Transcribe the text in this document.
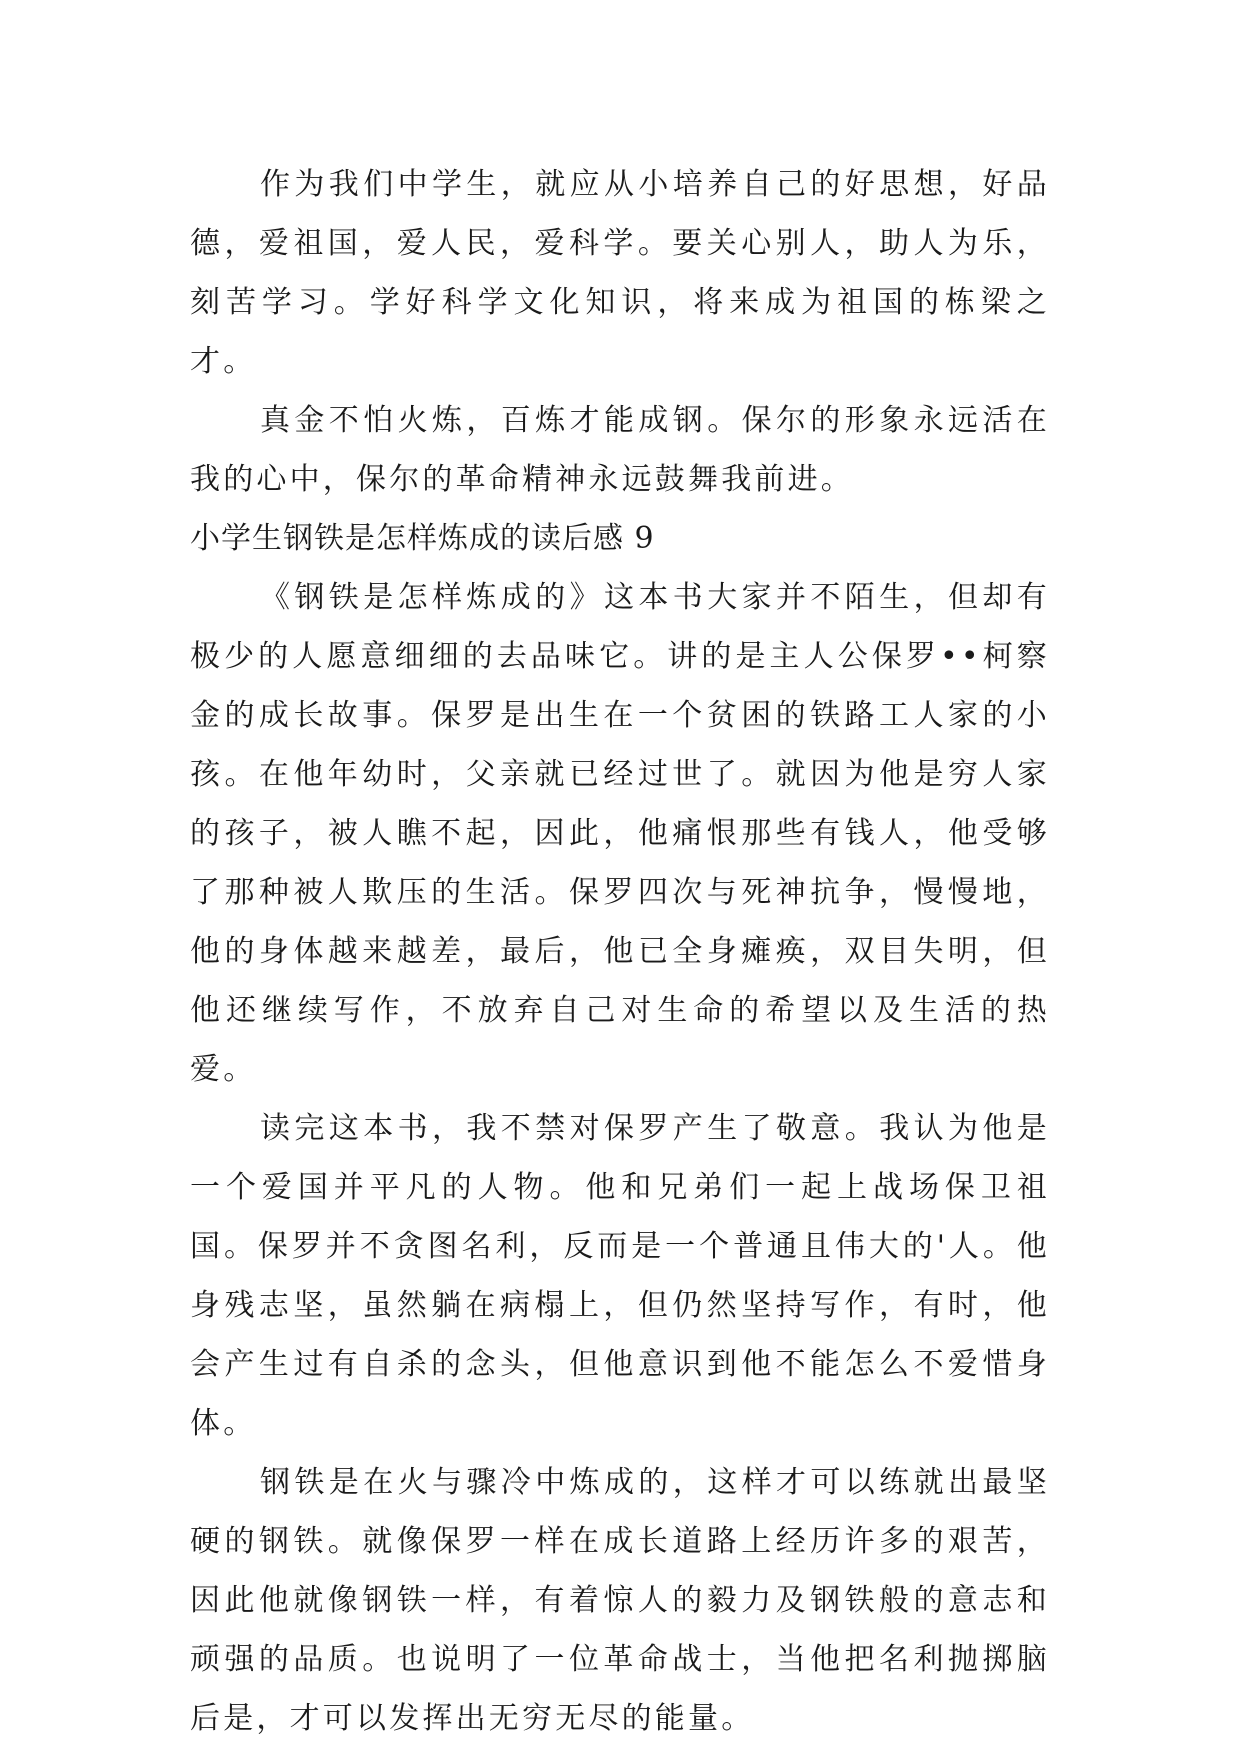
作为我们中学生，就应从小培养自己的好思想，好品德，爱祖国，爱人民，爱科学。要关心别人，助人为乐，刻苦学习。学好科学文化知识，将来成为祖国的栋梁之才。

真金不怕火炼，百炼才能成钢。保尔的形象永远活在我的心中，保尔的革命精神永远鼓舞我前进。

小学生钢铁是怎样炼成的读后感 9

《钢铁是怎样炼成的》这本书大家并不陌生，但却有极少的人愿意细细的去品味它。讲的是主人公保罗••柯察金的成长故事。保罗是出生在一个贫困的铁路工人家的小孩。在他年幼时，父亲就已经过世了。就因为他是穷人家的孩子，被人瞧不起，因此，他痛恨那些有钱人，他受够了那种被人欺压的生活。保罗四次与死神抗争，慢慢地，他的身体越来越差，最后，他已全身瘫痪，双目失明，但他还继续写作，不放弃自己对生命的希望以及生活的热爱。

读完这本书，我不禁对保罗产生了敬意。我认为他是一个爱国并平凡的人物。他和兄弟们一起上战场保卫祖国。保罗并不贪图名利，反而是一个普通且伟大的'人。他身残志坚，虽然躺在病榻上，但仍然坚持写作，有时，他会产生过有自杀的念头，但他意识到他不能怎么不爱惜身体。

钢铁是在火与骤冷中炼成的，这样才可以练就出最坚硬的钢铁。就像保罗一样在成长道路上经历许多的艰苦，因此他就像钢铁一样，有着惊人的毅力及钢铁般的意志和顽强的品质。也说明了一位革命战士，当他把名利抛掷脑后是，才可以发挥出无穷无尽的能量。
